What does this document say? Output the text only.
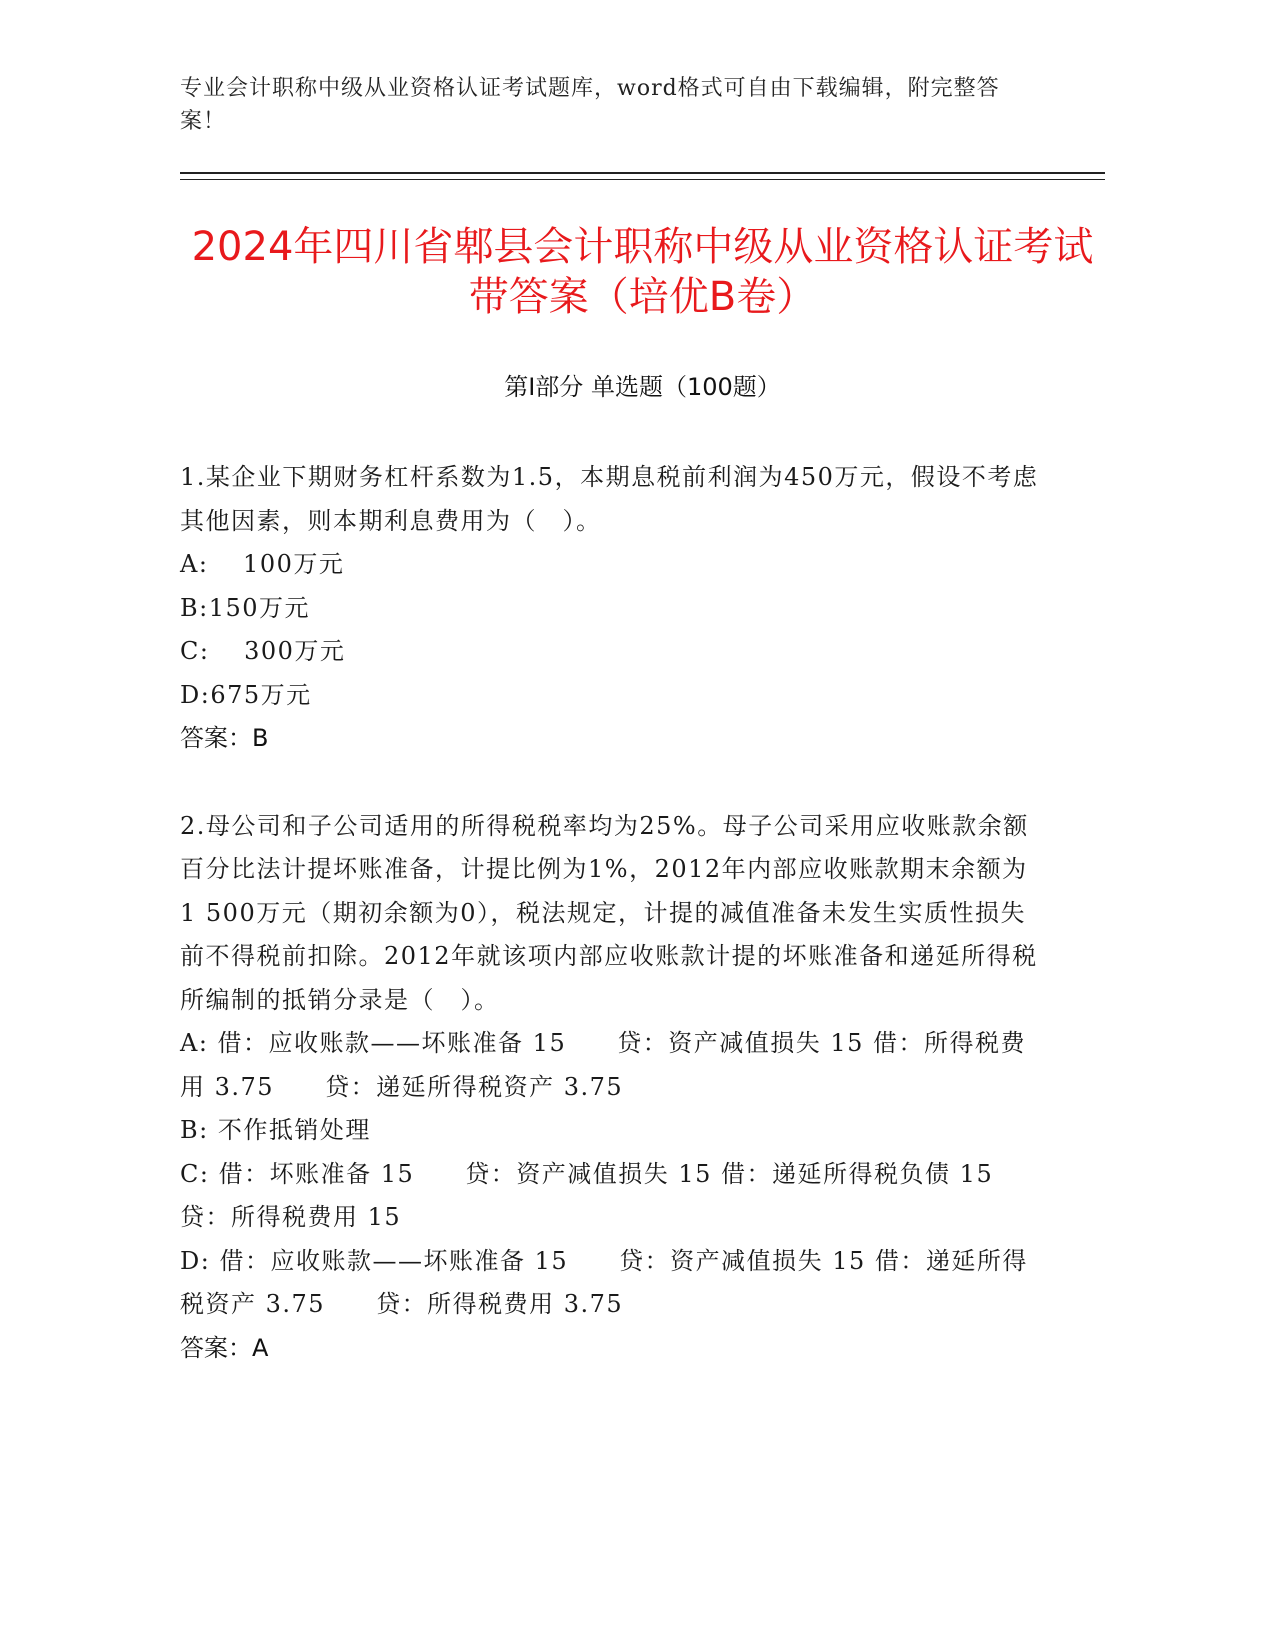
专业会计职称中级从业资格认证考试题库，word格式可自由下载编辑，附完整答案！
2024年四川省郫县会计职称中级从业资格认证考试带答案（培优B卷）
第I部分 单选题（100题）

1.某企业下期财务杠杆系数为1.5，本期息税前利润为450万元，假设不考虑其他因素，则本期利息费用为（　）。

A:　 100万元

B:150万元

C:　 300万元

D:675万元

答案：B

2.母公司和子公司适用的所得税税率均为25%。母子公司采用应收账款余额百分比法计提坏账准备，计提比例为1%，2012年内部应收账款期末余额为1 500万元（期初余额为0），税法规定，计提的减值准备未发生实质性损失前不得税前扣除。2012年就该项内部应收账款计提的坏账准备和递延所得税所编制的抵销分录是（　）。

A: 借：应收账款——坏账准备 15　　贷：资产减值损失 15 借：所得税费用 3.75　　贷：递延所得税资产 3.75

B: 不作抵销处理

C: 借：坏账准备 15　　贷：资产减值损失 15 借：递延所得税负债 15　　贷：所得税费用 15

D: 借：应收账款——坏账准备 15　　贷：资产减值损失 15 借：递延所得税资产 3.75　　贷：所得税费用 3.75

答案：A
